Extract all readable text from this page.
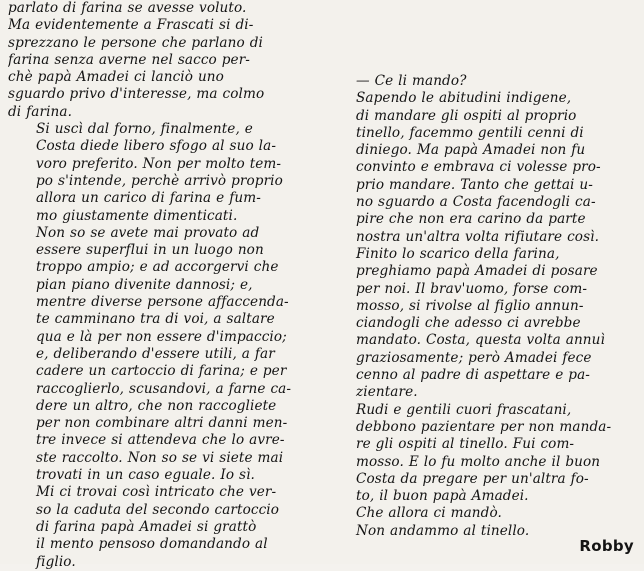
parlato di farina se avesse voluto.
Ma evidentemente a Frascati si di-
sprezzano le persone che parlano di
farina senza averne nel sacco per-
chè papà Amadei ci lanciò uno
sguardo privo d'interesse, ma colmo
di farina.

Si uscì dal forno, finalmente, e
Costa diede libero sfogo al suo la-
voro preferito. Non per molto tem-
po s'intende, perchè arrivò proprio
allora un carico di farina e fum-
mo giustamente dimenticati.

Non so se avete mai provato ad
essere superflui in un luogo non
troppo ampio; e ad accorgervi che
pian piano divenite dannosi; e,
mentre diverse persone affaccenda-
te camminano tra di voi, a saltare
qua e là per non essere d'impaccio;
e, deliberando d'essere utili, a far
cadere un cartoccio di farina; e per
raccoglierlo, scusandovi, a farne ca-
dere un altro, che non raccogliete
per non combinare altri danni men-
tre invece si attendeva che lo avre-
ste raccolto. Non so se vi siete mai
trovati in un caso eguale. Io sì.
Mi ci trovai così intricato che ver-
so la caduta del secondo cartoccio
di farina papà Amadei si grattò
il mento pensoso domandando al
figlio.

— Ce li mando?

Sapendo le abitudini indigene,
di mandare gli ospiti al proprio
tinello, facemmo gentili cenni di
diniego. Ma papà Amadei non fu
convinto e embrava ci volesse pro-
prio mandare. Tanto che gettai u-
no sguardo a Costa facendogli ca-
pire che non era carino da parte
nostra un'altra volta rifiutare così.

Finito lo scarico della farina,
preghiamo papà Amadei di posare
per noi. Il brav'uomo, forse com-
mosso, si rivolse al figlio annun-
ciandogli che adesso ci avrebbe
mandato. Costa, questa volta annuì
graziosamente; però Amadei fece
cenno al padre di aspettare e pa-
zientare.

Rudi e gentili cuori frascatani,
debbono pazientare per non manda-
re gli ospiti al tinello. Fui com-
mosso. E lo fu molto anche il buon
Costa da pregare per un'altra fo-
to, il buon papà Amadei.

Che allora ci mandò.

Non andammo al tinello.

Robby
